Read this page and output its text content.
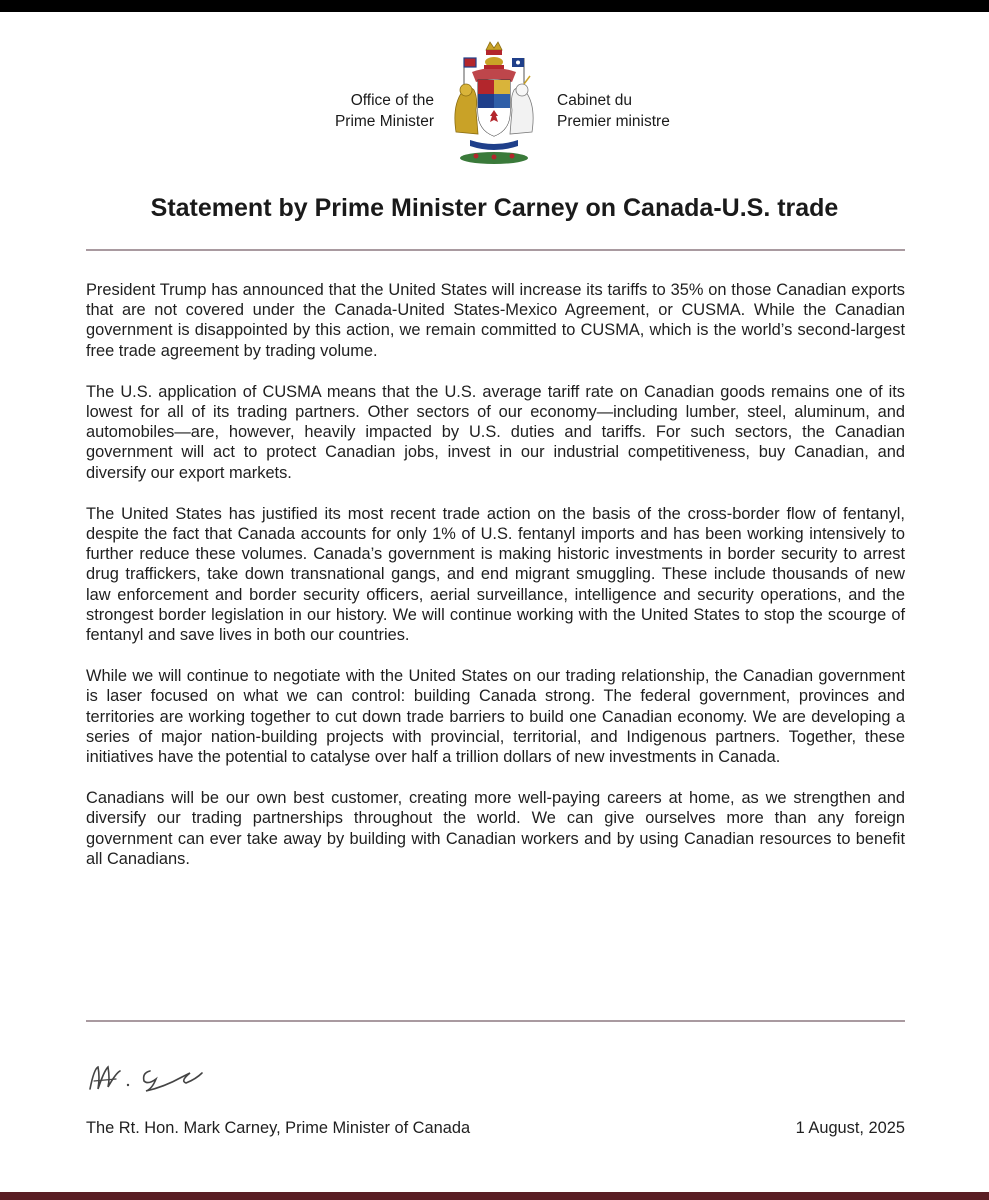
Office of the
Prime Minister
Cabinet du
Premier ministre
Statement by Prime Minister Carney on Canada-U.S. trade

President Trump has announced that the United States will increase its tariffs to 35% on those Canadian exports that are not covered under the Canada-United States-Mexico Agreement, or CUSMA. While the Canadian government is disappointed by this action, we remain committed to CUSMA, which is the world’s second-largest free trade agreement by trading volume.

The U.S. application of CUSMA means that the U.S. average tariff rate on Canadian goods remains one of its lowest for all of its trading partners. Other sectors of our economy—including lumber, steel, aluminum, and automobiles—are, however, heavily impacted by U.S. duties and tariffs. For such sectors, the Canadian government will act to protect Canadian jobs, invest in our industrial competitiveness, buy Canadian, and diversify our export markets.

The United States has justified its most recent trade action on the basis of the cross-border flow of fentanyl, despite the fact that Canada accounts for only 1% of U.S. fentanyl imports and has been working intensively to further reduce these volumes. Canada’s government is making historic investments in border security to arrest drug traffickers, take down transnational gangs, and end migrant smuggling. These include thousands of new law enforcement and border security officers, aerial surveillance, intelligence and security operations, and the strongest border legislation in our history. We will continue working with the United States to stop the scourge of fentanyl and save lives in both our countries.

While we will continue to negotiate with the United States on our trading relationship, the Canadian government is laser focused on what we can control: building Canada strong. The federal government, provinces and territories are working together to cut down trade barriers to build one Canadian economy. We are developing a series of major nation-building projects with provincial, territorial, and Indigenous partners. Together, these initiatives have the potential to catalyse over half a trillion dollars of new investments in Canada.

Canadians will be our own best customer, creating more well-paying careers at home, as we strengthen and diversify our trading partnerships throughout the world. We can give ourselves more than any foreign government can ever take away by building with Canadian workers and by using Canadian resources to benefit all Canadians.

The Rt. Hon. Mark Carney, Prime Minister of Canada	1 August, 2025
